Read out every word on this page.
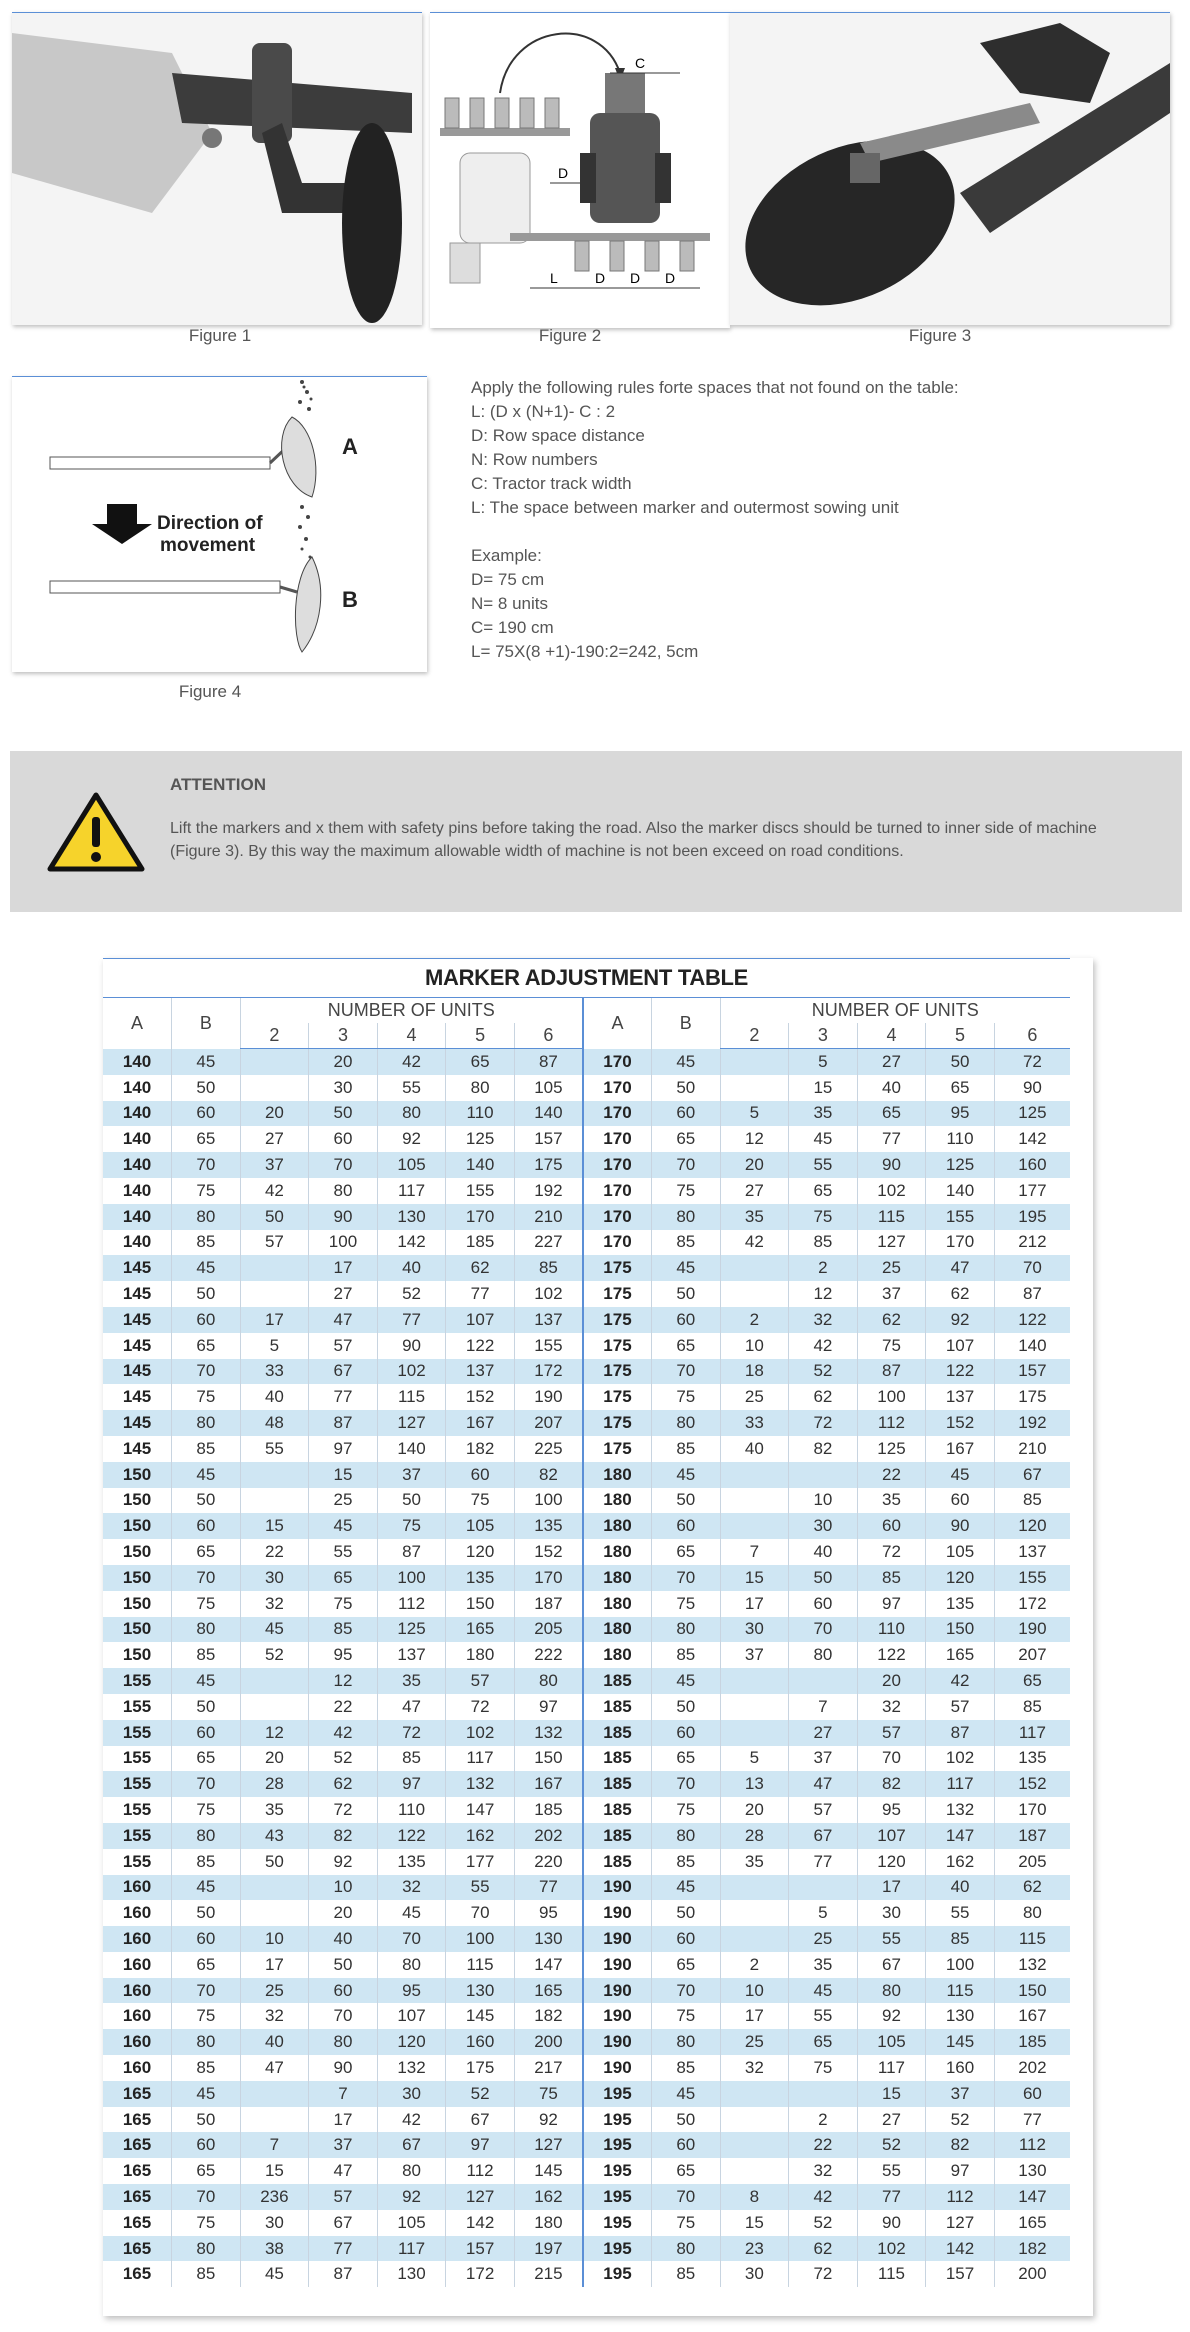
Figure 1
C
D
L	D D D
Figure 2	Figure 3
A
Direction of
movement
B
Figure 4
Apply the following rules forte spaces that not found on the table:
L: (D x (N+1)- C : 2
D: Row space distance
N: Row numbers
C: Tractor track width
L: The space between marker and outermost sowing unit
Example:
D= 75 cm
N= 8 units
C= 190 cm
L= 75X(8 +1)-190:2=242, 5cm
ATTENTION
Lift the markers and x them with safety pins before taking the road. Also the marker discs should be turned to inner side of machine (Figure 3). By this way the maximum allowable width of machine is not been exceed on road conditions.
MARKER ADJUSTMENT TABLE
A	B	NUMBER OF UNITS					A	B	NUMBER OF UNITS				
		2	3	4	5	6			2	3	4	5	6
140	45		20	42	65	87	170	45		5	27	50	72
140	50		30	55	80	105	170	50		15	40	65	90
140	60	20	50	80	110	140	170	60	5	35	65	95	125
140	65	27	60	92	125	157	170	65	12	45	77	110	142
140	70	37	70	105	140	175	170	70	20	55	90	125	160
140	75	42	80	117	155	192	170	75	27	65	102	140	177
140	80	50	90	130	170	210	170	80	35	75	115	155	195
140	85	57	100	142	185	227	170	85	42	85	127	170	212
145	45		17	40	62	85	175	45		2	25	47	70
145	50		27	52	77	102	175	50		12	37	62	87
145	60	17	47	77	107	137	175	60	2	32	62	92	122
145	65	5	57	90	122	155	175	65	10	42	75	107	140
145	70	33	67	102	137	172	175	70	18	52	87	122	157
145	75	40	77	115	152	190	175	75	25	62	100	137	175
145	80	48	87	127	167	207	175	80	33	72	112	152	192
145	85	55	97	140	182	225	175	85	40	82	125	167	210
150	45		15	37	60	82	180	45			22	45	67
150	50		25	50	75	100	180	50		10	35	60	85
150	60	15	45	75	105	135	180	60		30	60	90	120
150	65	22	55	87	120	152	180	65	7	40	72	105	137
150	70	30	65	100	135	170	180	70	15	50	85	120	155
150	75	32	75	112	150	187	180	75	17	60	97	135	172
150	80	45	85	125	165	205	180	80	30	70	110	150	190
150	85	52	95	137	180	222	180	85	37	80	122	165	207
155	45		12	35	57	80	185	45			20	42	65
155	50		22	47	72	97	185	50		7	32	57	85
155	60	12	42	72	102	132	185	60		27	57	87	117
155	65	20	52	85	117	150	185	65	5	37	70	102	135
155	70	28	62	97	132	167	185	70	13	47	82	117	152
155	75	35	72	110	147	185	185	75	20	57	95	132	170
155	80	43	82	122	162	202	185	80	28	67	107	147	187
155	85	50	92	135	177	220	185	85	35	77	120	162	205
160	45		10	32	55	77	190	45			17	40	62
160	50		20	45	70	95	190	50		5	30	55	80
160	60	10	40	70	100	130	190	60		25	55	85	115
160	65	17	50	80	115	147	190	65	2	35	67	100	132
160	70	25	60	95	130	165	190	70	10	45	80	115	150
160	75	32	70	107	145	182	190	75	17	55	92	130	167
160	80	40	80	120	160	200	190	80	25	65	105	145	185
160	85	47	90	132	175	217	190	85	32	75	117	160	202
165	45		7	30	52	75	195	45			15	37	60
165	50		17	42	67	92	195	50		2	27	52	77
165	60	7	37	67	97	127	195	60		22	52	82	112
165	65	15	47	80	112	145	195	65		32	55	97	130
165	70	236	57	92	127	162	195	70	8	42	77	112	147
165	75	30	67	105	142	180	195	75	15	52	90	127	165
165	80	38	77	117	157	197	195	80	23	62	102	142	182
165	85	45	87	130	172	215	195	85	30	72	115	157	200
